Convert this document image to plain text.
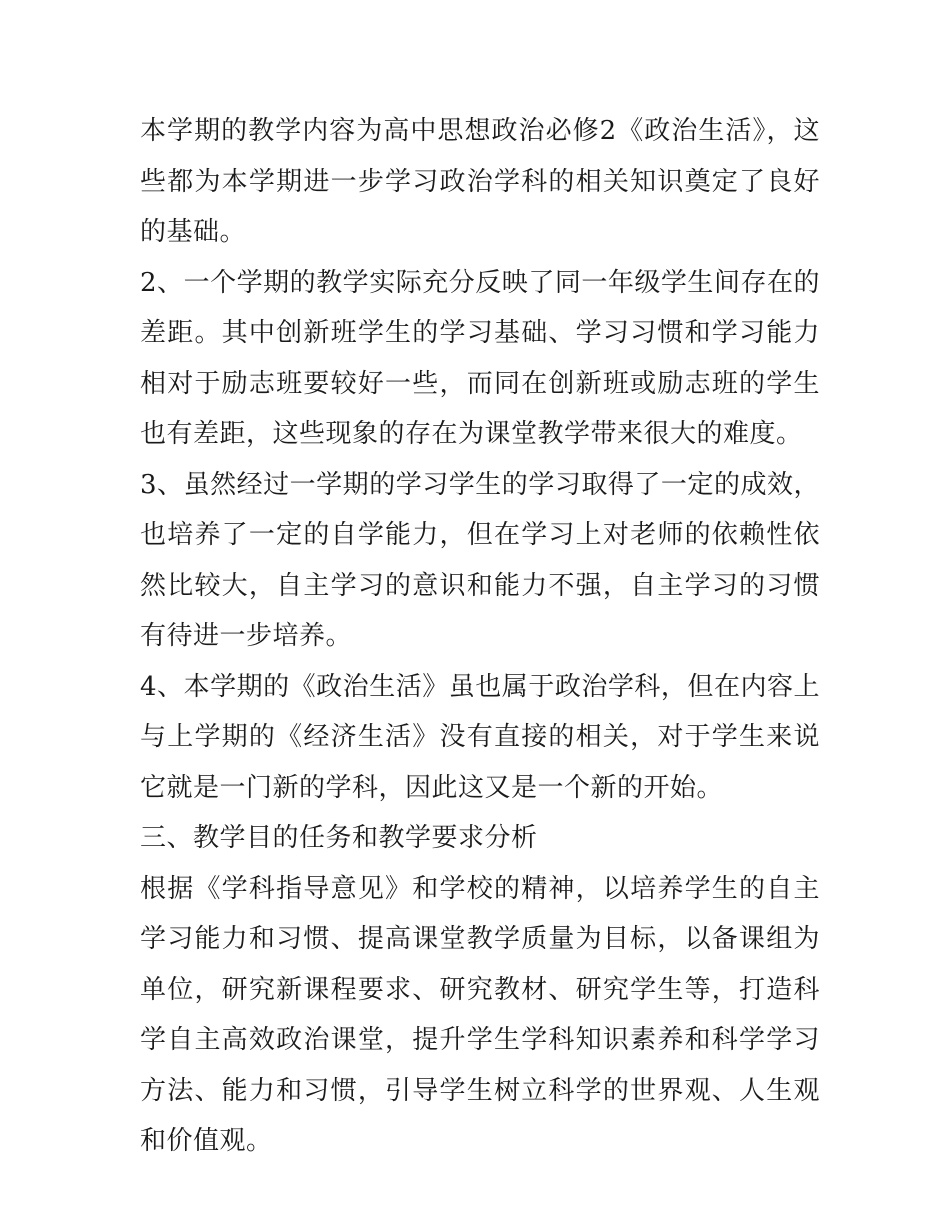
本学期的教学内容为高中思想政治必修2《政治生活》，这些都为本学期进一步学习政治学科的相关知识奠定了良好的基础。

2、一个学期的教学实际充分反映了同一年级学生间存在的差距。其中创新班学生的学习基础、学习习惯和学习能力相对于励志班要较好一些，而同在创新班或励志班的学生也有差距，这些现象的存在为课堂教学带来很大的难度。

3、虽然经过一学期的学习学生的学习取得了一定的成效，也培养了一定的自学能力，但在学习上对老师的依赖性依然比较大，自主学习的意识和能力不强，自主学习的习惯有待进一步培养。

4、本学期的《政治生活》虽也属于政治学科，但在内容上与上学期的《经济生活》没有直接的相关，对于学生来说它就是一门新的学科，因此这又是一个新的开始。

三、教学目的任务和教学要求分析

根据《学科指导意见》和学校的精神，以培养学生的自主学习能力和习惯、提高课堂教学质量为目标，以备课组为单位，研究新课程要求、研究教材、研究学生等，打造科学自主高效政治课堂，提升学生学科知识素养和科学学习方法、能力和习惯，引导学生树立科学的世界观、人生观和价值观。
